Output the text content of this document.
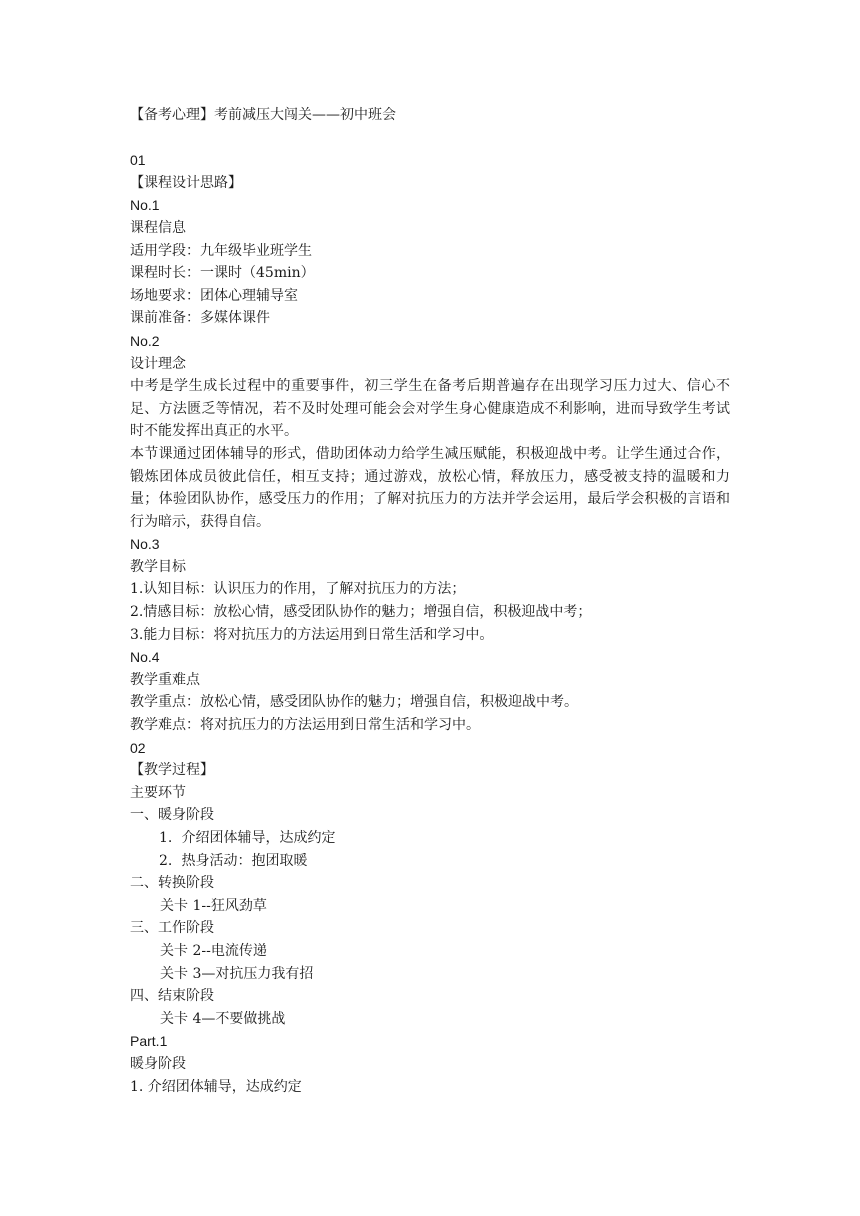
【备考心理】考前减压大闯关——初中班会
01
【课程设计思路】
No.1
课程信息
适用学段：九年级毕业班学生
课程时长：一课时（45min）
场地要求：团体心理辅导室
课前准备：多媒体课件
No.2
设计理念
中考是学生成长过程中的重要事件，初三学生在备考后期普遍存在出现学习压力过大、信心不足、方法匮乏等情况，若不及时处理可能会会对学生身心健康造成不利影响，进而导致学生考试时不能发挥出真正的水平。
本节课通过团体辅导的形式，借助团体动力给学生减压赋能，积极迎战中考。让学生通过合作，锻炼团体成员彼此信任，相互支持；通过游戏，放松心情，释放压力，感受被支持的温暖和力量；体验团队协作，感受压力的作用；了解对抗压力的方法并学会运用，最后学会积极的言语和行为暗示，获得自信。
No.3
教学目标
1.认知目标：认识压力的作用，了解对抗压力的方法；
2.情感目标：放松心情，感受团队协作的魅力；增强自信，积极迎战中考；
3.能力目标：将对抗压力的方法运用到日常生活和学习中。
No.4
教学重难点
教学重点：放松心情，感受团队协作的魅力；增强自信，积极迎战中考。
教学难点：将对抗压力的方法运用到日常生活和学习中。
02
【教学过程】
主要环节
一、暖身阶段
1. 介绍团体辅导，达成约定
2. 热身活动：抱团取暖
二、转换阶段
关卡 1--狂风劲草
三、工作阶段
关卡 2--电流传递
关卡 3—对抗压力我有招
四、结束阶段
关卡 4—不要做挑战
Part.1
暖身阶段
1. 介绍团体辅导，达成约定
